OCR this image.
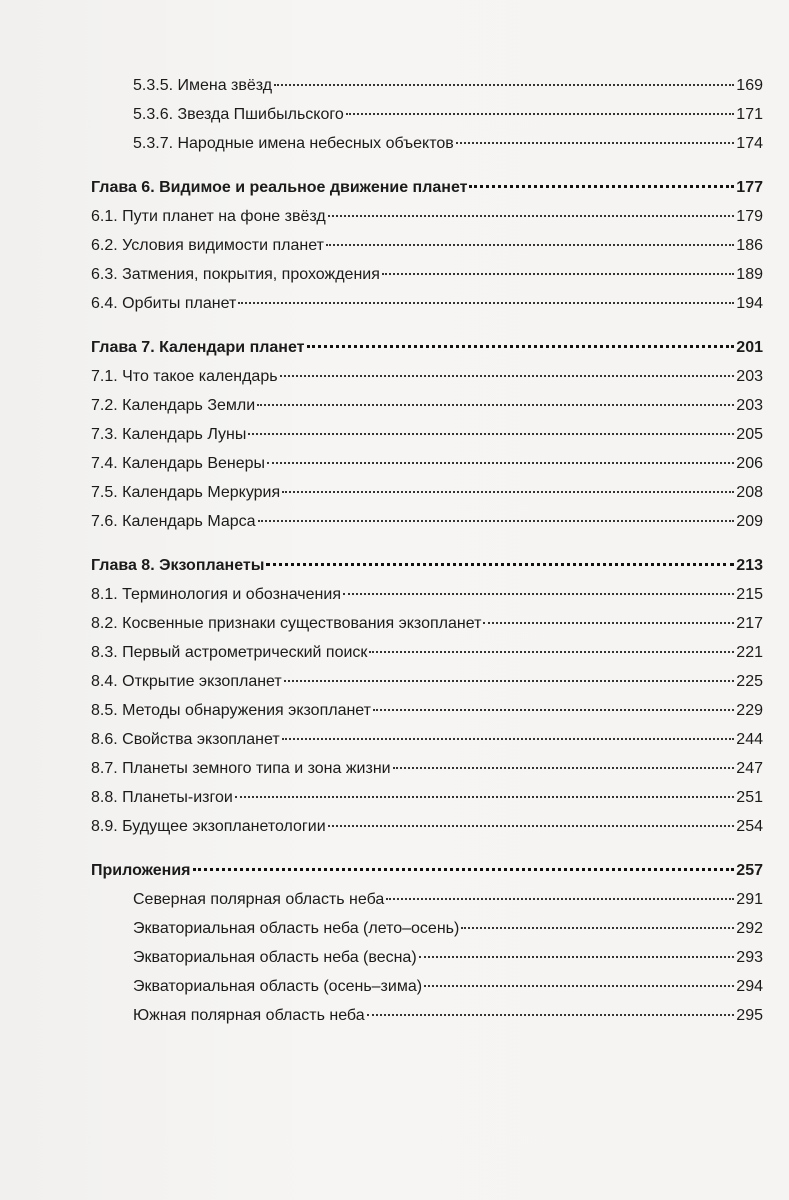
5.3.5. Имена звёзд	169
5.3.6. Звезда Пшибыльского	171
5.3.7. Народные имена небесных объектов	174
Глава 6. Видимое и реальное движение планет	177
6.1. Пути планет на фоне звёзд	179
6.2. Условия видимости планет	186
6.3. Затмения, покрытия, прохождения	189
6.4. Орбиты планет	194
Глава 7. Календари планет	201
7.1. Что такое календарь	203
7.2. Календарь Земли	203
7.3. Календарь Луны	205
7.4. Календарь Венеры	206
7.5. Календарь Меркурия	208
7.6. Календарь Марса	209
Глава 8. Экзопланеты	213
8.1. Терминология и обозначения	215
8.2. Косвенные признаки существования экзопланет	217
8.3. Первый астрометрический поиск	221
8.4. Открытие экзопланет	225
8.5. Методы обнаружения экзопланет	229
8.6. Свойства экзопланет	244
8.7. Планеты земного типа и зона жизни	247
8.8. Планеты-изгои	251
8.9. Будущее экзопланетологии	254
Приложения	257
Северная полярная область неба	291
Экваториальная область неба (лето–осень)	292
Экваториальная область неба (весна)	293
Экваториальная область (осень–зима)	294
Южная полярная область неба	295
